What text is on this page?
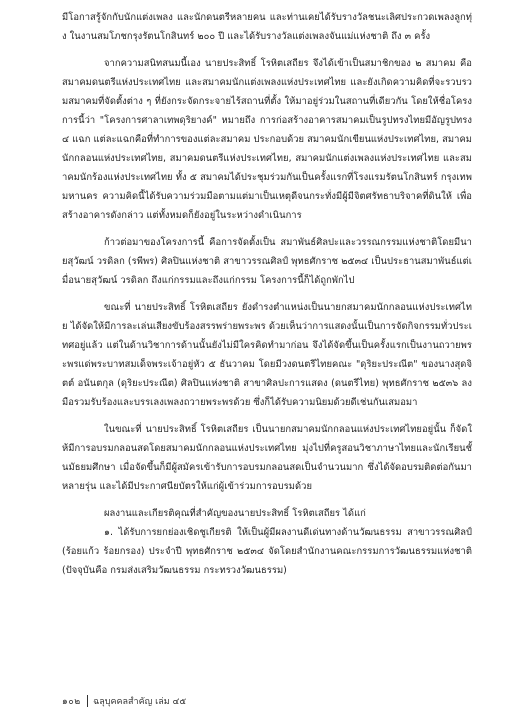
มีโอกาสรู้จักกับนักแต่งเพลง และนักดนตรีหลายคน และท่านเคยได้รับรางวัลชนะเลิศประกวดเพลงลูกทุ่ง ในงานสมโภชกรุงรัตนโกสินทร์ ๒๐๐ ปี และได้รับรางวัลแต่งเพลงจันแม่แห่งชาติ ถึง ๓ ครั้ง

จากความสนิทสนมนี้เอง นายประสิทธิ์ โรหิตเสถียร จึงได้เข้าเป็นสมาชิกของ ๒ สมาคม คือ สมาคมดนตรีแห่งประเทศไทย และสมาคมนักแต่งเพลงแห่งประเทศไทย และยังเกิดความคิดที่จะรวบรวมสมาคมที่จัดตั้งต่าง ๆ ที่ยังกระจัดกระจายไร้สถานที่ตั้ง ให้มาอยู่ร่วมในสถานที่เดียวกัน โดยให้ชื่อโครงการนี้ว่า "โครงการศาลาเทพดุริยางค์" หมายถึง การก่อสร้างอาคารสมาคมเป็นรูปทรงไทยมีอัญรูปทรง ๔ แฉก แต่ละแฉกคือที่ทำการของแต่ละสมาคม ประกอบด้วย สมาคมนักเขียนแห่งประเทศไทย, สมาคมนักกลอนแห่งประเทศไทย, สมาคมดนตรีแห่งประเทศไทย, สมาคมนักแต่งเพลงแห่งประเทศไทย และสมาคมนักร้องแห่งประเทศไทย ทั้ง ๕ สมาคมได้ประชุมร่วมกันเป็นครั้งแรกที่โรงแรมรัตนโกสินทร์ กรุงเทพมหานคร ความคิดนี้ได้รับความร่วมมือตามแต่มาเป็นเหตุดีจนกระทั่งมีผู้มีจิตศรัทธาบริจาคที่ดินให้ เพื่อสร้างอาคารดังกล่าว แต่ทั้งหมดก็ยังอยู่ในระหว่างดำเนินการ

ก้าวต่อมาของโครงการนี้ คือการจัดตั้งเป็น สมาพันธ์ศิลปะและวรรณกรรมแห่งชาติโดยมีนายสุวัฒน์ วรดิลก (รพีพร) ศิลปินแห่งชาติ สาขาวรรณศิลป์ พุทธศักราช ๒๕๓๔ เป็นประธานสมาพันธ์แต่เมื่อนายสุวัฒน์ วรดิลก ถึงแก่กรรมและถึงแก่กรรม โครงการนี้ก็ได้ถูกพักไป

ขณะที่ นายประสิทธิ์ โรหิตเสถียร ยังดำรงตำแหน่งเป็นนายกสมาคมนักกลอนแห่งประเทศไทย ได้จัดให้มีการละเล่นเสียงขับร้องสรรพร่ายพระพร ด้วยเห็นว่าการแสดงนั้นเป็นการจัดกิจกรรมทั่วประเทศอยู่แล้ว แต่ในด้านวิชาการด้านนั้นยังไม่มีใครคิดทำมาก่อน จึงได้จัดขึ้นเป็นครั้งแรกเป็นงานถวายพระพรแด่พระบาทสมเด็จพระเจ้าอยู่หัว ๕ ธันวาคม โดยมีวงดนตรีไทยคณะ "ดุริยะประณีต" ของนางสุดจิตต์ อนันตกุล (ดุริยะประณีต) ศิลปินแห่งชาติ สาขาศิลปะการแสดง (ดนตรีไทย) พุทธศักราช ๒๕๓๖ ลงมือรวมรับร้องและบรรเลงเพลงถวายพระพรด้วย ซึ่งก็ได้รับความนิยมด้วยดีเช่นกันเสมอมา

ในขณะที่ นายประสิทธิ์ โรหิตเสถียร เป็นนายกสมาคมนักกลอนแห่งประเทศไทยอยู่นั้น ก็จัดให้มีการอบรมกลอนสดโดยสมาคมนักกลอนแห่งประเทศไทย มุ่งไปที่ครูสอนวิชาภาษาไทยและนักเรียนชั้นมัธยมศึกษา เมื่อจัดขึ้นก็มีผู้สมัครเข้ารับการอบรมกลอนสดเป็นจำนวนมาก ซึ่งได้จัดอบรมติดต่อกันมาหลายรุ่น และได้มีประกาศนียบัตรให้แก่ผู้เข้าร่วมการอบรมด้วย

ผลงานและเกียรติคุณที่สำคัญของนายประสิทธิ์ โรหิตเสถียร ได้แก่

๑. ได้รับการยกย่องเชิดชูเกียรติ ให้เป็นผู้มีผลงานดีเด่นทางด้านวัฒนธรรม สาขาวรรณศิลป์ (ร้อยแก้ว ร้อยกรอง) ประจำปี พุทธศักราช ๒๕๓๔ จัดโดยสำนักงานคณะกรรมการวัฒนธรรมแห่งชาติ (ปัจจุบันคือ กรมส่งเสริมวัฒนธรรม กระทรวงวัฒนธรรม)

๑๐๒ ฉลุบุคคลสำคัญ เล่ม ๔๕
